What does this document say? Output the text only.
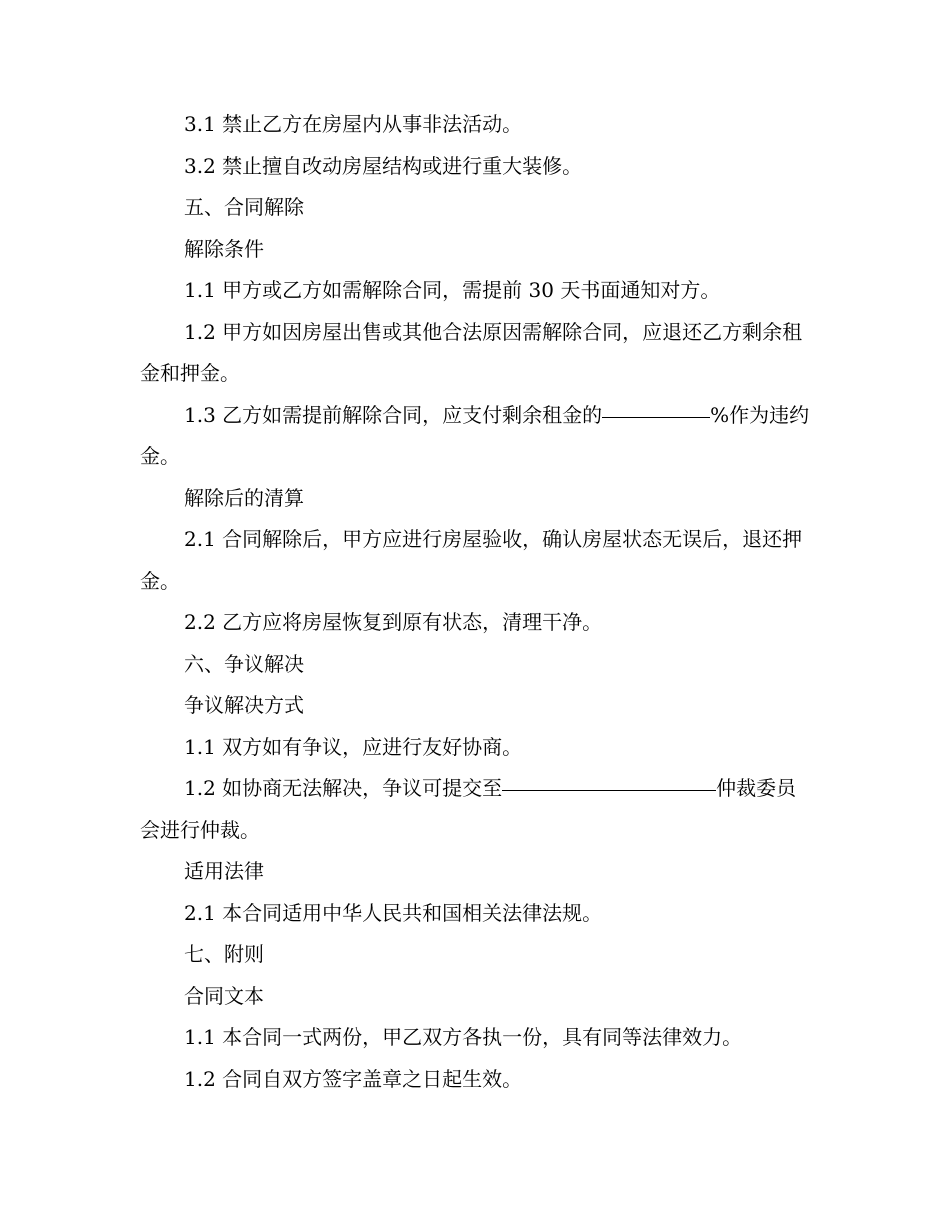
3.1 禁止乙方在房屋内从事非法活动。

3.2 禁止擅自改动房屋结构或进行重大装修。

五、合同解除

解除条件

1.1 甲方或乙方如需解除合同，需提前 30 天书面通知对方。

1.2 甲方如因房屋出售或其他合法原因需解除合同，应退还乙方剩余租金和押金。

1.3 乙方如需提前解除合同，应支付剩余租金的	%作为违约金。

解除后的清算

2.1 合同解除后，甲方应进行房屋验收，确认房屋状态无误后，退还押金。

2.2 乙方应将房屋恢复到原有状态，清理干净。

六、争议解决

争议解决方式

1.1 双方如有争议，应进行友好协商。

1.2 如协商无法解决，争议可提交至	仲裁委员会进行仲裁。

适用法律

2.1 本合同适用中华人民共和国相关法律法规。

七、附则

合同文本

1.1 本合同一式两份，甲乙双方各执一份，具有同等法律效力。

1.2 合同自双方签字盖章之日起生效。
